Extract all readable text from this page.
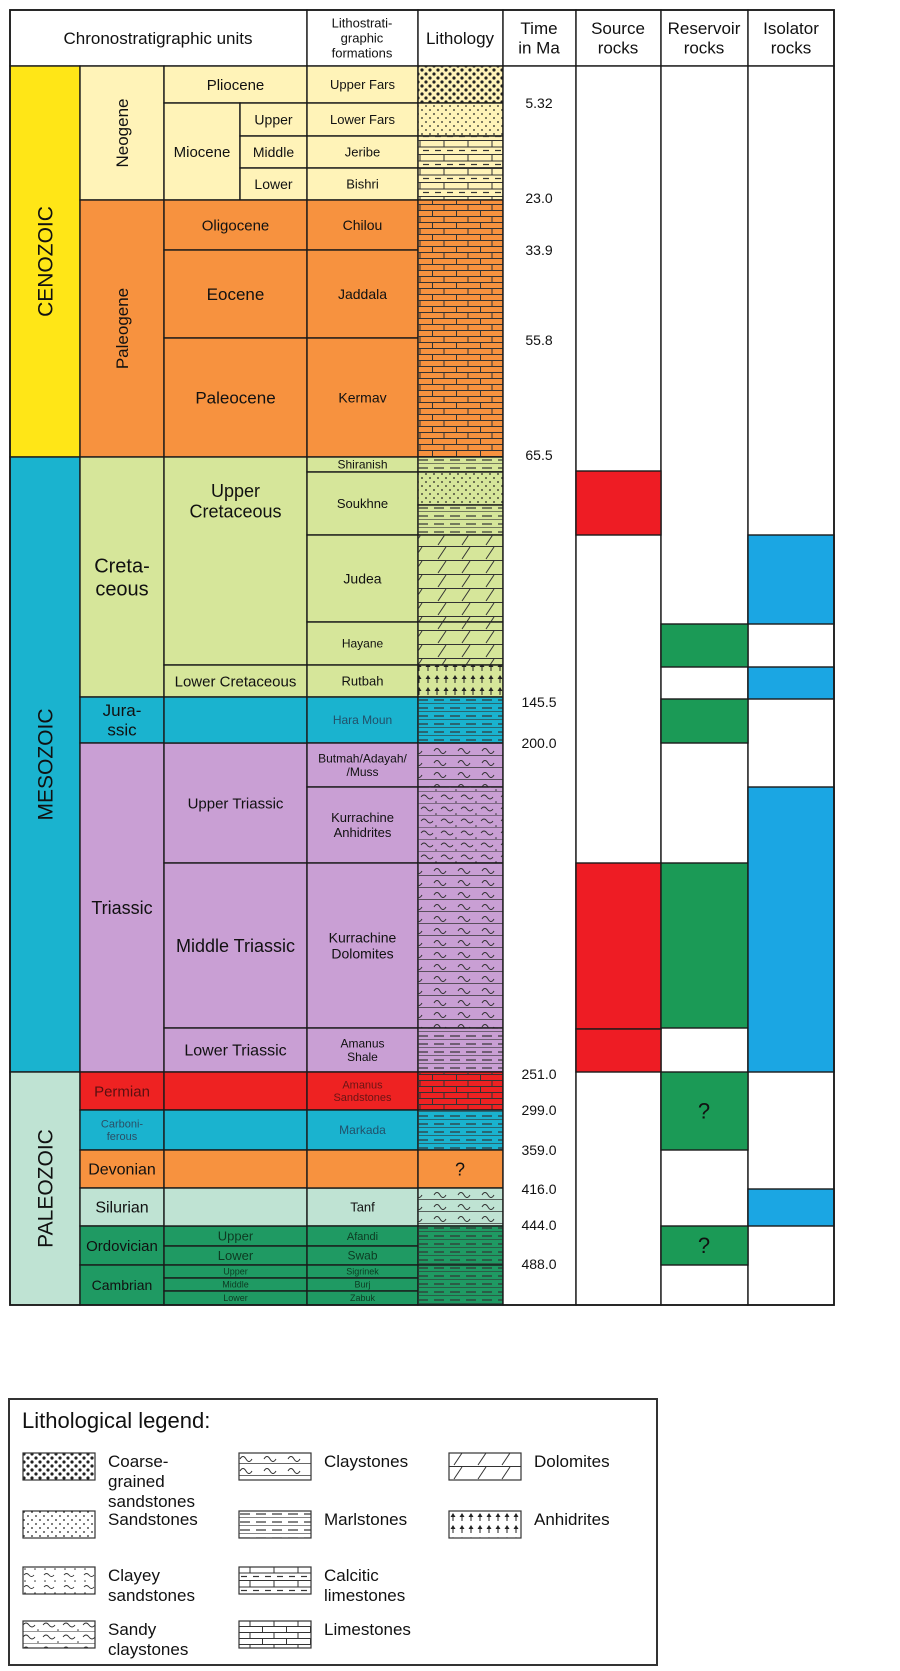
Chronostratigraphic units
Lithostrati-graphic formations
Lithology
Time in Ma
Source rocks
Reservoir rocks
Isolator rocks
CENOZOIC
MESOZOIC
PALEOZOIC
Neogene
Paleogene
Creta-ceous
Jura-ssic
Triassic
Permian
Carboni-ferous
Devonian
Silurian
Ordovician
Cambrian
Pliocene
Miocene
Upper
Middle
Lower
Oligocene
Eocene
Paleocene
Upper Cretaceous
Lower Cretaceous
Upper Triassic
Middle Triassic
Lower Triassic
Upper
Lower
Upper
Middle
Lower
Upper Fars
Lower Fars
Jeribe
Bishri
Chilou
Jaddala
Kermav
Shiranish
Soukhne
Judea
Hayane
Rutbah
Hara Moun
Butmah/Adayah/ /Muss
Kurrachine Anhidrites
Kurrachine Dolomites
Amanus Shale
Amanus Sandstones
Markada
Tanf
Afandi
Swab
Sigrinek
Burj
Zabuk
?
5.32
23.0
33.9
55.8
65.5
145.5
200.0
251.0
299.0
359.0
416.0
444.0
488.0
?
?
Lithological legend:
Coarse-grained
sandstones
Sandstones
Clayey
sandstones
Sandy
claystones
Claystones
Marlstones
Calcitic
limestones
Limestones
Dolomites
Anhidrites
